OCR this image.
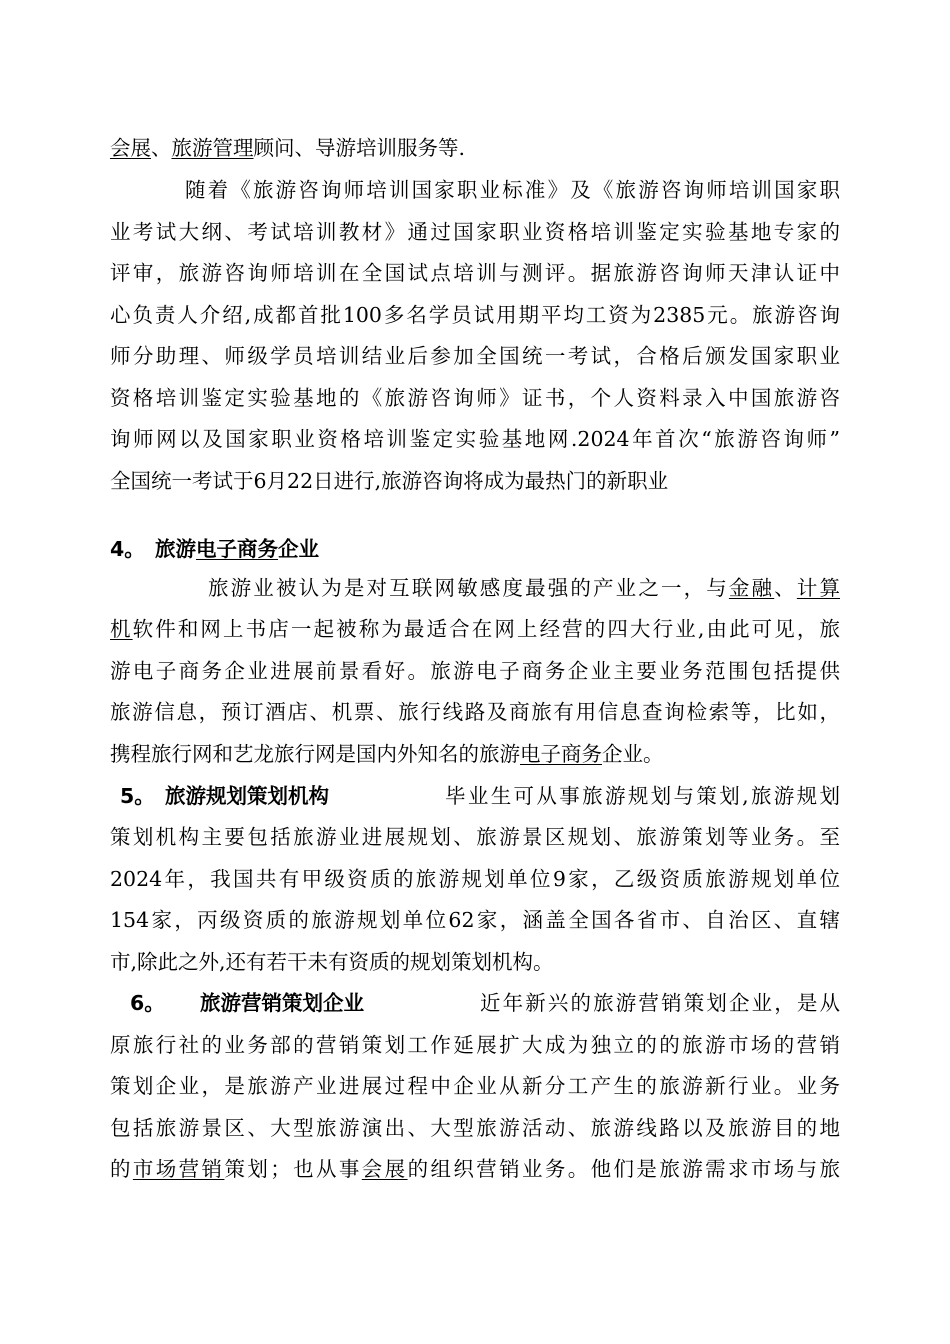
会展、旅游管理顾问、导游培训服务等.
随着《旅游咨询师培训国家职业标准》及《旅游咨询师培训国家职
业考试大纲、考试培训教材》通过国家职业资格培训鉴定实验基地专家的
评审，旅游咨询师培训在全国试点培训与测评。据旅游咨询师天津认证中
心负责人介绍,成都首批100多名学员试用期平均工资为2385元。旅游咨询
师分助理、师级学员培训结业后参加全国统一考试，合格后颁发国家职业
资格培训鉴定实验基地的《旅游咨询师》证书，个人资料录入中国旅游咨
询师网以及国家职业资格培训鉴定实验基地网.2024年首次“旅游咨询师”
全国统一考试于6月22日进行,旅游咨询将成为最热门的新职业
4。 旅游电子商务企业
旅游业被认为是对互联网敏感度最强的产业之一，与金融、计算
机软件和网上书店一起被称为最适合在网上经营的四大行业,由此可见，旅
游电子商务企业进展前景看好。旅游电子商务企业主要业务范围包括提供
旅游信息，预订酒店、机票、旅行线路及商旅有用信息查询检索等，比如，
携程旅行网和艺龙旅行网是国内外知名的旅游电子商务企业。
5。 旅游规划策划机构	毕业生可从事旅游规划与策划,旅游规划
策划机构主要包括旅游业进展规划、旅游景区规划、旅游策划等业务。至
2024年，我国共有甲级资质的旅游规划单位9家，乙级资质旅游规划单位
154家，丙级资质的旅游规划单位62家，涵盖全国各省市、自治区、直辖
市,除此之外,还有若干未有资质的规划策划机构。
6。 旅游营销策划企业	近年新兴的旅游营销策划企业，是从
原旅行社的业务部的营销策划工作延展扩大成为独立的的旅游市场的营销
策划企业，是旅游产业进展过程中企业从新分工产生的旅游新行业。业务
包括旅游景区、大型旅游演出、大型旅游活动、旅游线路以及旅游目的地
的市场营销策划；也从事会展的组织营销业务。他们是旅游需求市场与旅
